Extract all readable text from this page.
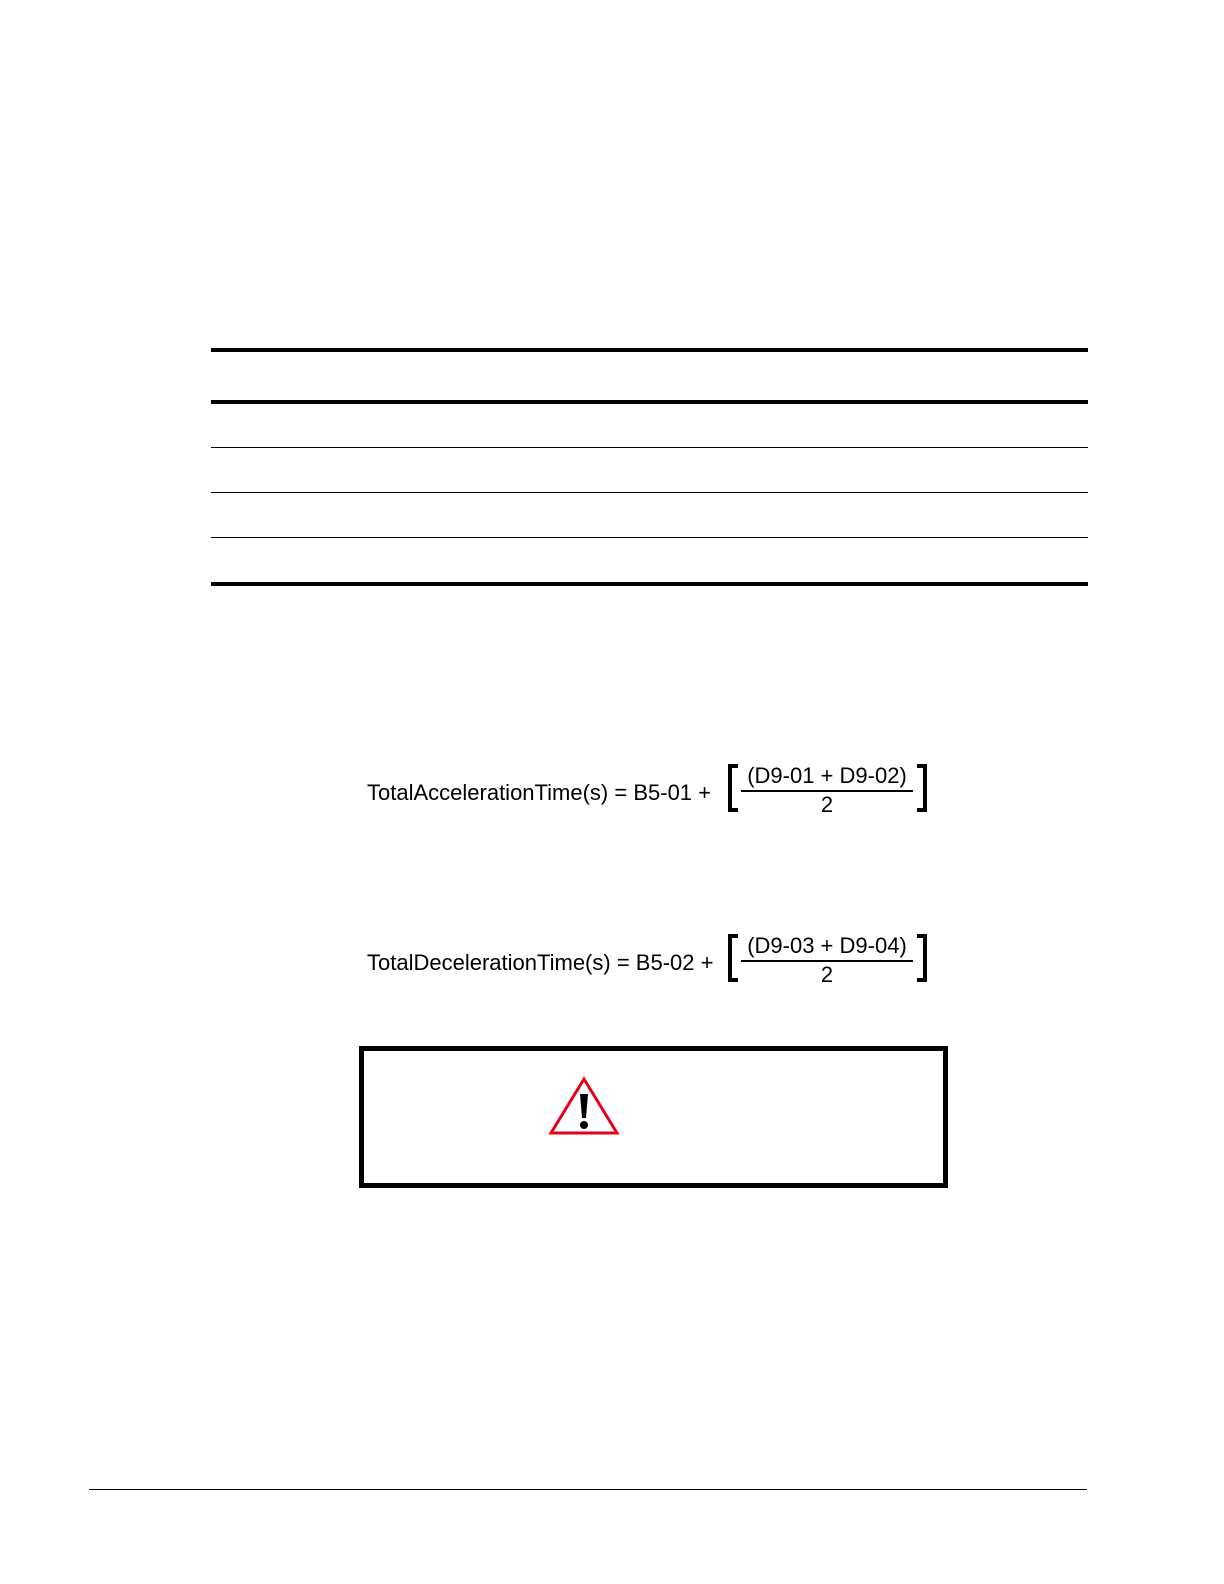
TotalAccelerationTime(s) = B5-01 +
(D9-01 + D9-02)
2
TotalDecelerationTime(s) = B5-02 +
(D9-03 + D9-04)
2
